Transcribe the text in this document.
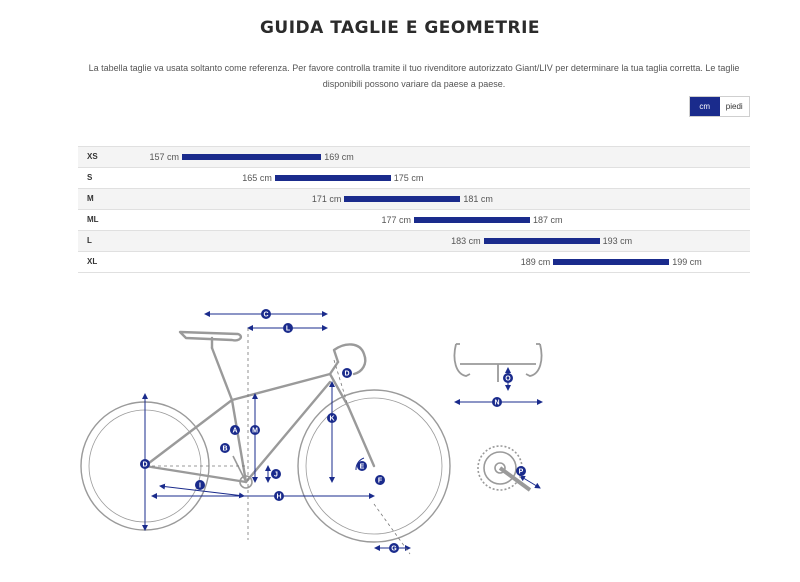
GUIDA TAGLIE E GEOMETRIE
La tabella taglie va usata soltanto come referenza. Per favore controlla tramite il tuo rivenditore autorizzato Giant/LIV per determinare la tua taglia corretta. Le taglie disponibili possono variare da paese a paese.
cm	piedi
XS	157 cm	169 cm
S	165 cm	175 cm
M	171 cm	181 cm
ML	177 cm	187 cm
L	183 cm	193 cm
XL	189 cm	199 cm
A
B
C
D
E
F
G
H
I
J
K
L
M
N
O
P
D
